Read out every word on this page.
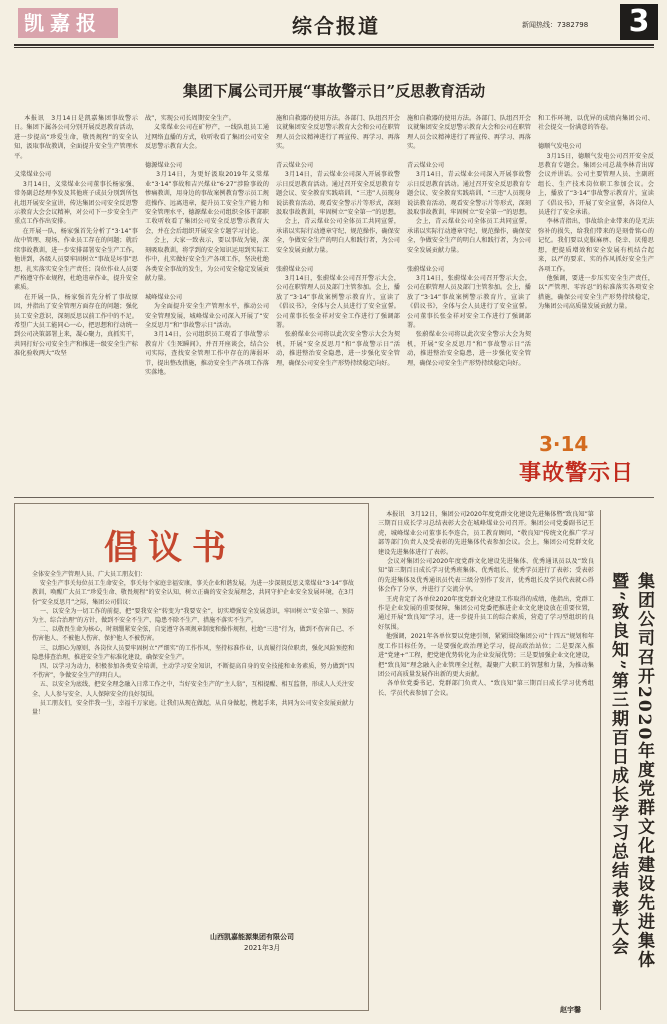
凯嘉报	综合报道	新闻热线：7382798 3
集团下属公司开展“事故警示日”反思教育活动
本报讯　3月14日是凯嘉集团事故警示日。集团下属各公司分别开展反思教育活动，进一步提高“珍爱生命，敬畏规程”的安全认知，汲取事故教训，全面提升安全生产管理水平。

义棠煤业公司
3月14日，义棠煤业公司董事长杨家强、常务副总经理李发及其他班子成员分别到所包扎组开展安全宣讲，传达集团公司安全反思警示教育大会会议精神，对公司下一步安全生产重点工作作出安排。
在开展一队，杨家强首先分析了“3·14”事故中管理、现场、作业员工存在的问题；就后续事故教训，进一步安排部署安全生产工作。他讲到，各级人员要牢固树立“事故是坏事”思想，扎实落实安全生产责任；岗位作业人员要严格遵守作业规程，杜绝违章作业，提升安全素质。
在开展一队，杨家强首先分析了事故原因，并指出了安全管理方面存在的问题；强化员工安全意识，深刻反思以前工作中的不足。希望广大员工能同心一心，把思想和行动统一到公司决策部署上来，凝心聚力，真抓实干，共同打好公司安全生产和推进一级安全生产标准化验收两大“攻坚
战”，实现公司长周期安全生产。
义棠煤业公司在矿停产，一线队组员工通过网络直播的方式，收听收看了集团公司安全反思警示教育大会。

德源煤业公司
3月14日，为更好汲取2019年义棠煤业“3·14”事故和吉兴煤业“6·27”涉险事故的惨痛教训，用身边的事故案例教育警示员工规范操作、远离违章，提升员工安全生产能力和安全管理水平，德源煤业公司组织全体干部职工收听收看了集团公司安全反思警示教育大会，并在会后组织开展安全专题学习讨论。
会上，大家一致表示，要以事故为镜，深刻吸取教训，将学到的安全知识运用到实际工作中，扎实做好安全生产各项工作，坚决杜绝各类安全事故的发生，为公司安全稳定发展贡献力量。

城峰煤业公司
为全面提升安全生产管理水平，推动公司安全管理发展，城峰煤业公司深入开展了“安全反思月”和“事故警示日”活动。
3月14日，公司组织员工观看了事故警示教育片《生死瞬间》，并召开座谈会，结合公司实际，查找安全管理工作中存在的薄弱环节，提出整改措施，推动安全生产各项工作落实落地。
施和自救器的使用方法。各部门、队组召开会议就集团安全反思警示教育大会和公司在职管理人员会议精神进行了再宣传、再学习、再落实。

青云煤业公司
3月14日，青云煤业公司深入开展事故警示日反思教育活动。通过召开安全反思教育专题会议、安全教育实践培训、“三违”人员现身说法教育活动、观看安全警示片等形式，深刻汲取事故教训，牢固树立“安全第一”的思想。
会上，青云煤业公司全体员工共同宣誓，承诺以实际行动遵章守纪、规范操作，确保安全，争做安全生产的明白人和践行者，为公司安全发展贡献力量。

张蔚煤业公司
3月14日，张蔚煤业公司召开警示大会，公司在职管理人员及部门主管参加。会上，播放了“3·14”事故案例警示教育片，宣读了《倡议书》，全体与会人员进行了安全宣誓。公司董事长张金祥对安全工作进行了强调部署。
张蔚煤业公司将以此次安全警示大会为契机，开展“安全反思月”和“事故警示日”活动，推进整治安全隐患，进一步强化安全管理，确保公司安全生产形势持续稳定向好。
施和自救器的使用方法。各部门、队组召开会议就集团安全反思警示教育大会和公司在职管理人员会议精神进行了再宣传、再学习、再落实。

青云煤业公司
3月14日，青云煤业公司深入开展事故警示日反思教育活动。通过召开安全反思教育专题会议、安全教育实践培训、“三违”人员现身说法教育活动、观看安全警示片等形式，深刻汲取事故教训，牢固树立“安全第一”的思想。
会上，青云煤业公司全体员工共同宣誓，承诺以实际行动遵章守纪、规范操作，确保安全，争做安全生产的明白人和践行者，为公司安全发展贡献力量。

张蔚煤业公司
3月14日，张蔚煤业公司召开警示大会，公司在职管理人员及部门主管参加。会上，播放了“3·14”事故案例警示教育片，宣读了《倡议书》，全体与会人员进行了安全宣誓。公司董事长张金祥对安全工作进行了强调部署。
张蔚煤业公司将以此次安全警示大会为契机，开展“安全反思月”和“事故警示日”活动，推进整治安全隐患，进一步强化安全管理，确保公司安全生产形势持续稳定向好。
和工作环境，以优异的成绩向集团公司、社会提交一份满意的答卷。

德顺气发电公司
3月15日，德顺气发电公司召开安全反思教育专题会。集团公司总裁李林青出席会议并讲话。公司主要管理人员、主副班组长、生产技术岗位职工参加会议。会上，播放了“3·14”事故警示教育片，宣读了《倡议书》，开展了安全宣誓，各岗位人员进行了安全承诺。
李林青指出，事故给企业带来的是无法弥补的损失，给我们带来的是刻骨铭心的记忆。我们要以克服麻痹、侥幸、厌倦思想，把提质增效和安全发展有机结合起来，以严的要求、实的作风抓好安全生产各项工作。
他强调，要进一步压实安全生产责任，以“严管理、零容忍”的标准落实各项安全措施，确保公司安全生产形势持续稳定，为集团公司高质量发展贡献力量。
3·14
事故警示日
倡议书
全体安全生产管理人员、广大员工朋友们：
安全生产事关每位员工生命安全，事关每个家庭幸福安康，事关企业和谐发展。为进一步深刻反思义棠煤业“3·14”事故教训，唤醒广大员工“珍爱生命、敬畏规程”的安全认知，树立正确的安全发展理念，共同守护企业安全发展环境，在3月份“安全反思月”之际，集团公司倡议：
一、以安全为一切工作的前提，把“要我安全”转变为“我要安全”，切实增强安全发展意识，牢固树立“安全第一、预防为主、综合治理”的方针，做到不安全不生产、隐患不除不生产、措施不落实不生产。
二、以敬畏生命为核心，时刻绷紧安全弦，自觉遵守各项规章制度和操作规程，杜绝“三违”行为，做到不伤害自己、不伤害他人、不被他人伤害、保护他人不被伤害。
三、以细心为原则，各岗位人员要牢固树立“严细实”的工作作风，坚持标准作业，认真履行岗位职责，强化风险预控和隐患排查治理，推进安全生产标准化建设，确保安全生产。
四、以学习为动力，积极参加各类安全培训，主动学习安全知识，不断提高自身的安全技能和业务素质，努力做到“四不伤害”，争做安全生产的明白人。
五、以安全为底线，把安全理念融入日常工作之中，当好安全生产的“主人翁”，互相提醒、相互监督，形成人人关注安全、人人参与安全、人人保障安全的良好氛围。
员工朋友们，安全伴我一生，幸福千万家庭。让我们从现在做起，从自身做起，携起手来，共同为公司安全发展贡献力量！
山西凯嘉能源集团有限公司
2021年3月
本报讯　3月12日，集团公司2020年度党群文化建设先进集体暨“致良知”第三期百日成长学习总结表彰大会在城峰煤业公司召开。集团公司党委副书记王虎，城峰煤业公司董事长李连合，员工教育顾问，“敬良知”传统文化推广学习部等部门负责人及受表彰的先进集体代表参加会议。会上，集团公司党群文化建设先进集体进行了表彰。
会议对集团公司2020年度党群文化建设先进集体、优秀通讯员以及“致良知”第三期百日成长学习优秀班集体、优秀组长、优秀学员进行了表彰；受表彰的先进集体及优秀通讯员代表三级分别作了发言，优秀组长及学员代表就心得体会作了分享，并进行了交流分享。
王虎肯定了各单位2020年度党群文化建设工作取得的成绩，他指出，党群工作是企业发展的重要保障，集团公司党委把推进企业文化建设放在重要位置，通过开展“致良知”学习，进一步提升员工的综合素质，营造了学习型组织的良好氛围。
他强调，2021年各单位要以党建引领，紧紧围绕集团公司“十四五”规划和年度工作目标任务，一是要强化政治理论学习，提高政治站位；二是要深入推进“党建+”工程，把党建优势转化为企业发展优势；三是要加强企业文化建设，把“致良知”理念融入企业管理全过程，凝聚广大职工的智慧和力量，为推动集团公司高质量发展作出新的更大贡献。
各单位党委书记、党群部门负责人、“致良知”第三期百日成长学习优秀组长、学员代表参加了会议。	集团公司召开2020年度党群文化建设先进集体
暨“致良知”第三期百日成长学习总结表彰大会
赵宇馨
